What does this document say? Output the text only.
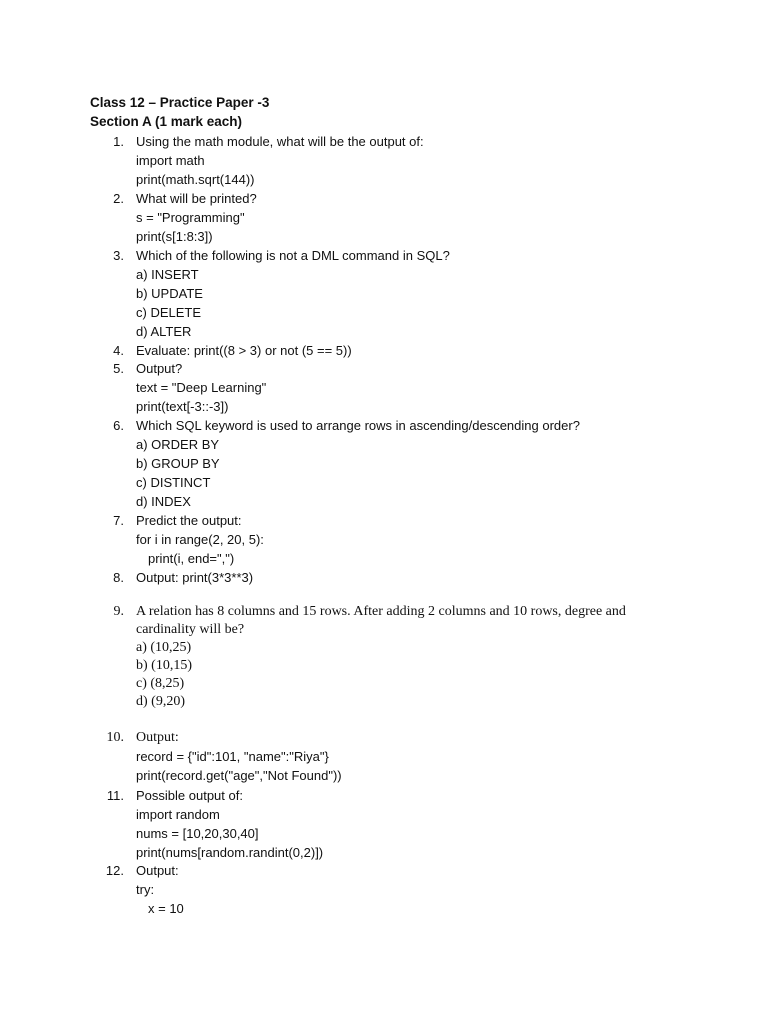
Class 12 – Practice Paper -3
Section A (1 mark each)
1. Using the math module, what will be the output of:
import math
print(math.sqrt(144))
2. What will be printed?
s = "Programming"
print(s[1:8:3])
3. Which of the following is not a DML command in SQL?
a) INSERT
b) UPDATE
c) DELETE
d) ALTER
4. Evaluate: print((8 > 3) or not (5 == 5))
5. Output?
text = "Deep Learning"
print(text[-3::-3])
6. Which SQL keyword is used to arrange rows in ascending/descending order?
a) ORDER BY
b) GROUP BY
c) DISTINCT
d) INDEX
7. Predict the output:
for i in range(2, 20, 5):
print(i, end=",")
8. Output: print(3*3**3)
9. A relation has 8 columns and 15 rows. After adding 2 columns and 10 rows, degree and
cardinality will be?
a) (10,25)
b) (10,15)
c) (8,25)
d) (9,20)
10. Output:
record = {"id":101, "name":"Riya"}
print(record.get("age","Not Found"))
11. Possible output of:
import random
nums = [10,20,30,40]
print(nums[random.randint(0,2)])
12. Output:
try:
x = 10
